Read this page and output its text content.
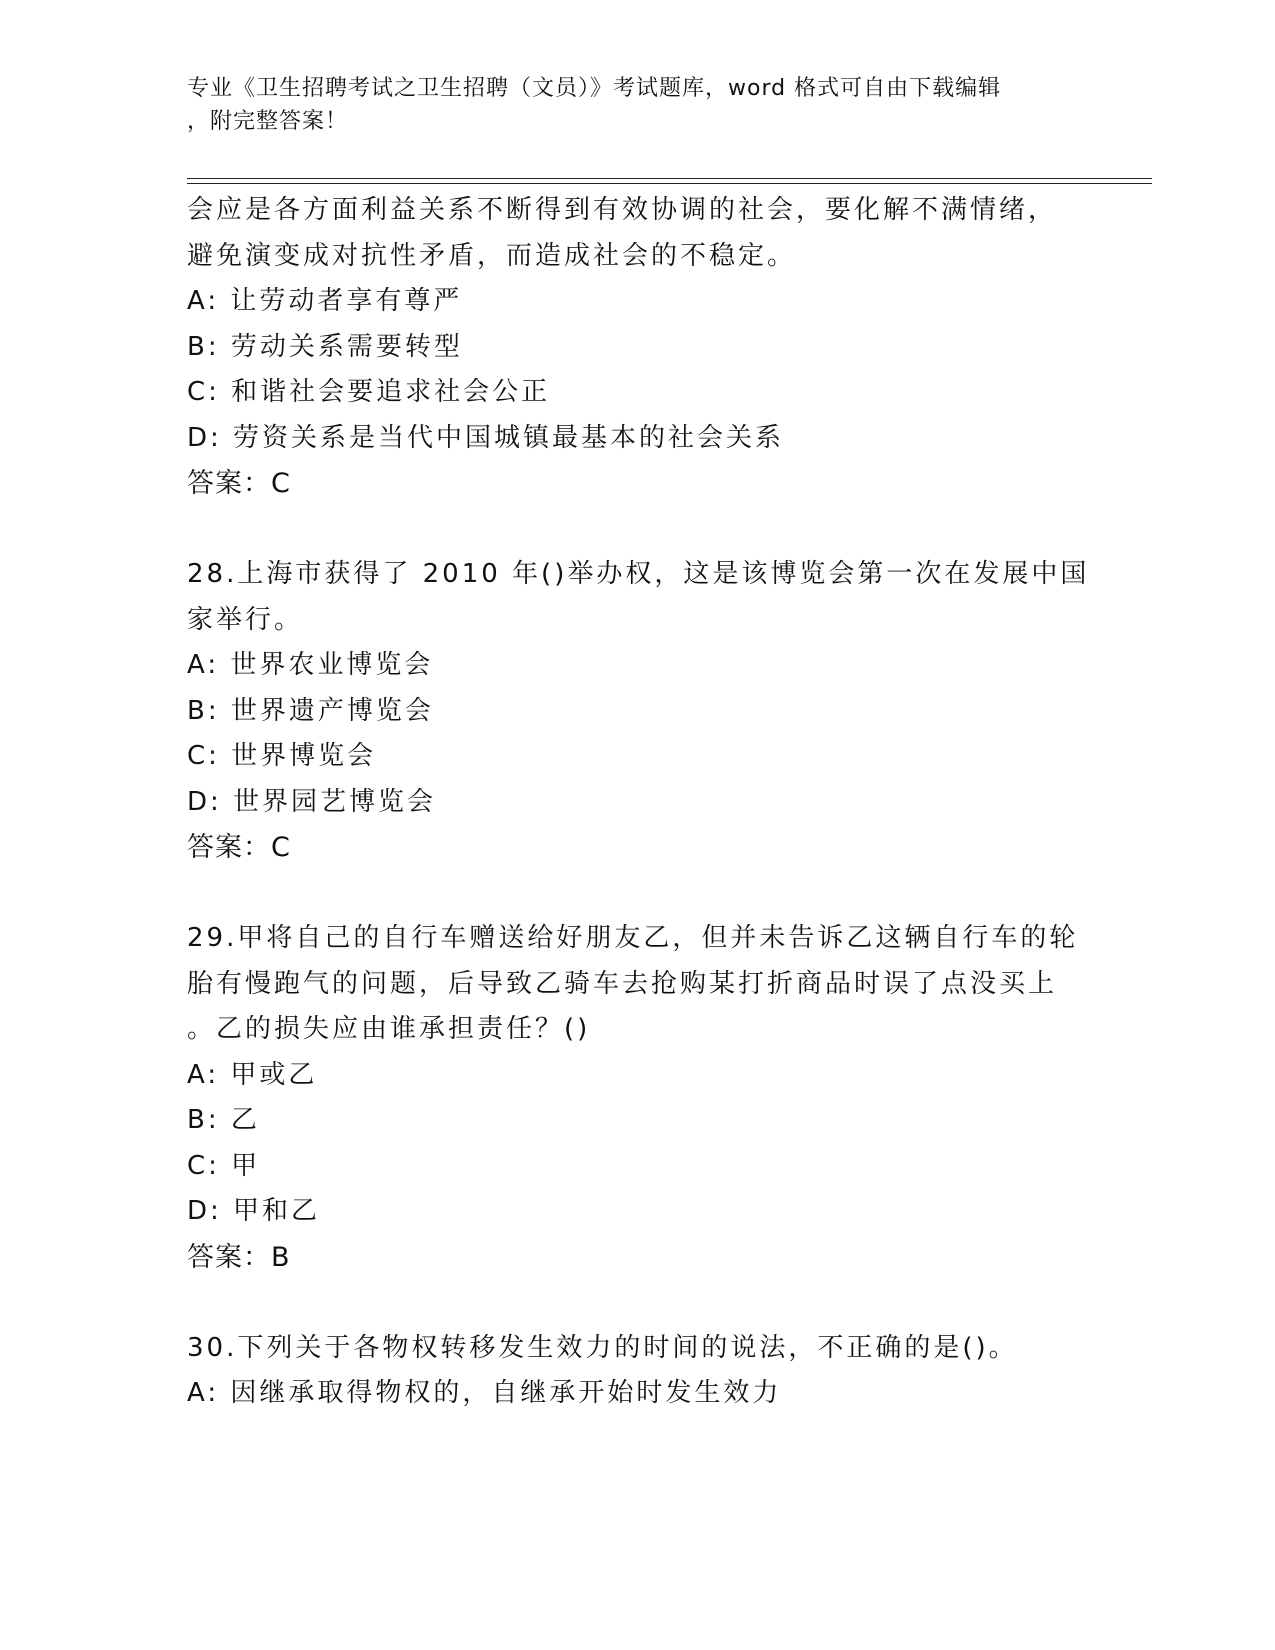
专业《卫生招聘考试之卫生招聘（文员）》考试题库，word 格式可自由下载编辑
，附完整答案！
会应是各方面利益关系不断得到有效协调的社会，要化解不满情绪，
避免演变成对抗性矛盾，而造成社会的不稳定。
A: 让劳动者享有尊严
B: 劳动关系需要转型
C: 和谐社会要追求社会公正
D: 劳资关系是当代中国城镇最基本的社会关系
答案：C
28.上海市获得了 2010 年()举办权，这是该博览会第一次在发展中国
家举行。
A: 世界农业博览会
B: 世界遗产博览会
C: 世界博览会
D: 世界园艺博览会
答案：C
29.甲将自己的自行车赠送给好朋友乙，但并未告诉乙这辆自行车的轮
胎有慢跑气的问题，后导致乙骑车去抢购某打折商品时误了点没买上
。乙的损失应由谁承担责任？()
A: 甲或乙
B: 乙
C: 甲
D: 甲和乙
答案：B
30.下列关于各物权转移发生效力的时间的说法，不正确的是()。
A: 因继承取得物权的，自继承开始时发生效力
